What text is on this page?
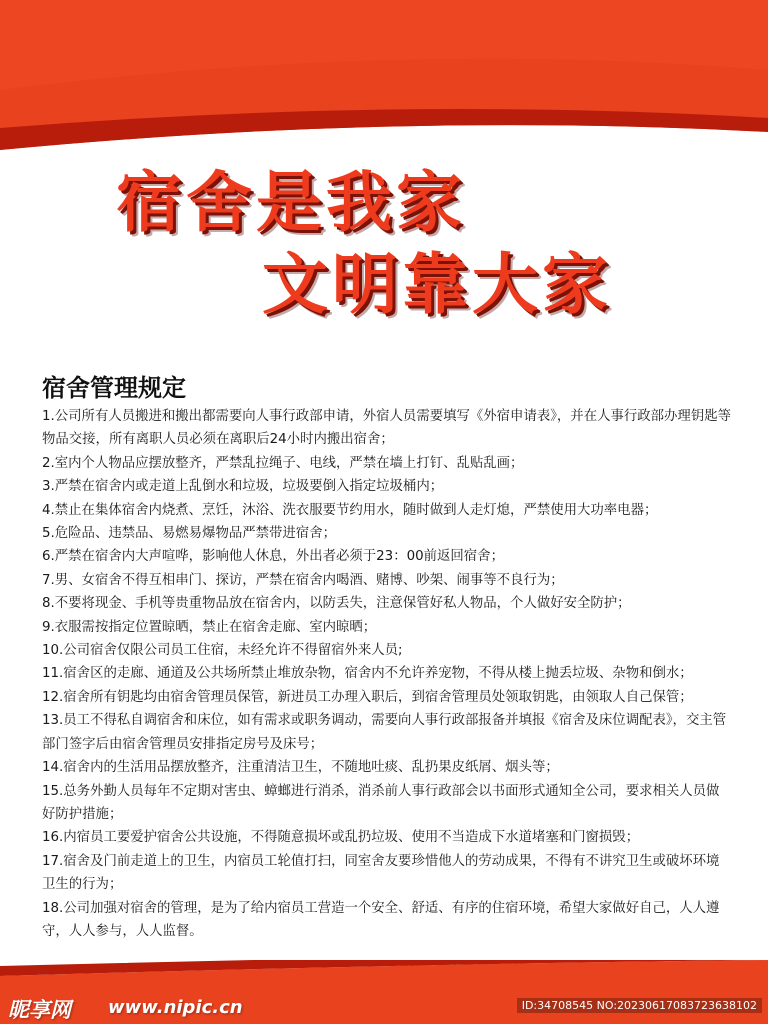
宿舍是我家
文明靠大家
宿舍管理规定
1.公司所有人员搬进和搬出都需要向人事行政部申请，外宿人员需要填写《外宿申请表》，并在人事行政部办理钥匙等物品交接，所有离职人员必须在离职后24小时内搬出宿舍；
2.室内个人物品应摆放整齐，严禁乱拉绳子、电线，严禁在墙上打钉、乱贴乱画；
3.严禁在宿舍内或走道上乱倒水和垃圾，垃圾要倒入指定垃圾桶内；
4.禁止在集体宿舍内烧煮、烹饪，沐浴、洗衣服要节约用水，随时做到人走灯熄，严禁使用大功率电器；
5.危险品、违禁品、易燃易爆物品严禁带进宿舍；
6.严禁在宿舍内大声喧哗，影响他人休息，外出者必须于23：00前返回宿舍；
7.男、女宿舍不得互相串门、探访，严禁在宿舍内喝酒、赌博、吵架、闹事等不良行为；
8.不要将现金、手机等贵重物品放在宿舍内，以防丢失，注意保管好私人物品，个人做好安全防护；
9.衣服需按指定位置晾晒，禁止在宿舍走廊、室内晾晒；
10.公司宿舍仅限公司员工住宿，未经允许不得留宿外来人员;
11.宿舍区的走廊、通道及公共场所禁止堆放杂物，宿舍内不允许养宠物，不得从楼上抛丢垃圾、杂物和倒水；
12.宿舍所有钥匙均由宿舍管理员保管，新进员工办理入职后，到宿舍管理员处领取钥匙，由领取人自己保管；
13.员工不得私自调宿舍和床位，如有需求或职务调动，需要向人事行政部报备并填报《宿舍及床位调配表》，交主管部门签字后由宿舍管理员安排指定房号及床号；
14.宿舍内的生活用品摆放整齐，注重清洁卫生，不随地吐痰、乱扔果皮纸屑、烟头等；
15.总务外勤人员每年不定期对害虫、蟑螂进行消杀，消杀前人事行政部会以书面形式通知全公司，要求相关人员做好防护措施；
16.内宿员工要爱护宿舍公共设施，不得随意损坏或乱扔垃圾、使用不当造成下水道堵塞和门窗损毁；
17.宿舍及门前走道上的卫生，内宿员工轮值打扫，同室舍友要珍惜他人的劳动成果，不得有不讲究卫生或破坏环境卫生的行为；
18.公司加强对宿舍的管理，是为了给内宿员工营造一个安全、舒适、有序的住宿环境，希望大家做好自己，人人遵守，人人参与，人人监督。
昵享网 www.nipic.cn	ID:34708545 NO:20230617083723638102
